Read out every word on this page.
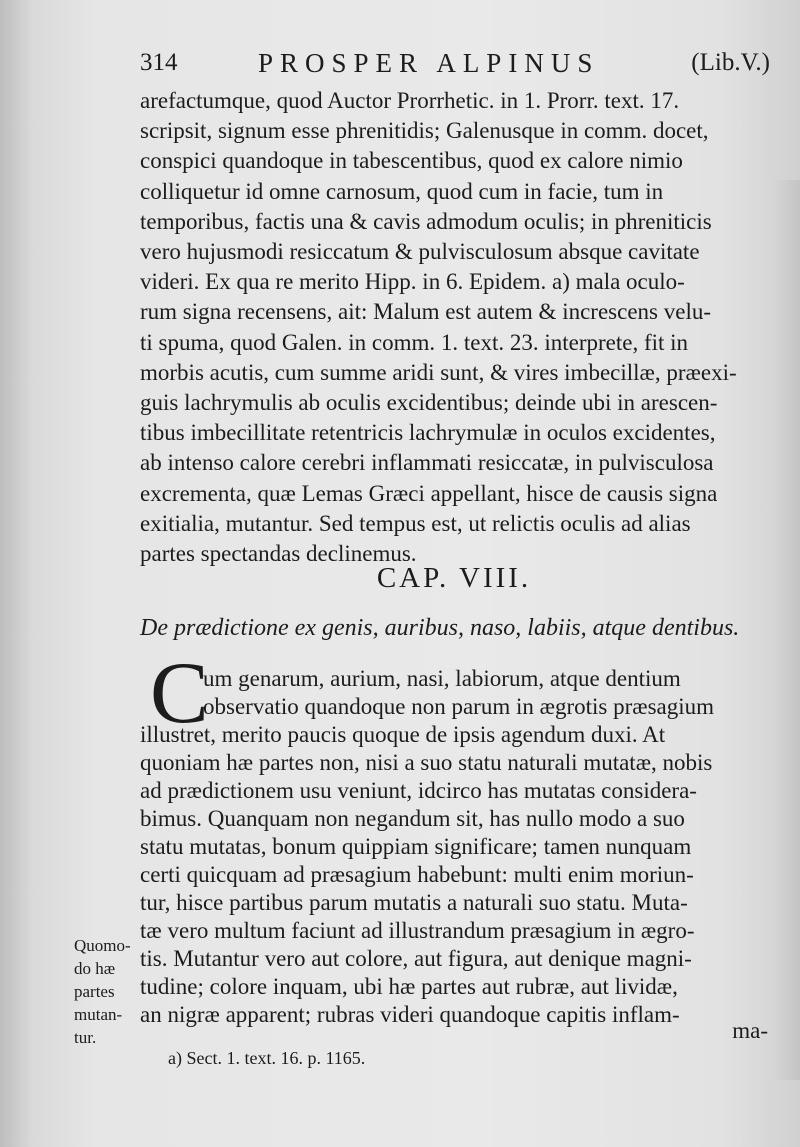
314	PROSPER ALPINUS	(Lib.V.)
arefactumque, quod Auctor Prorrhetic. in 1. Prorr. text. 17.
scripsit, signum esse phrenitidis; Galenusque in comm. docet,
conspici quandoque in tabescentibus, quod ex calore nimio
colliquetur id omne carnosum, quod cum in facie, tum in
temporibus, factis una & cavis admodum oculis; in phreniticis
vero hujusmodi resiccatum & pulvisculosum absque cavitate
videri. Ex qua re merito Hipp. in 6. Epidem. a) mala oculo-
rum signa recensens, ait: Malum est autem & increscens velu-
ti spuma, quod Galen. in comm. 1. text. 23. interprete, fit in
morbis acutis, cum summe aridi sunt, & vires imbecillæ, præexi-
guis lachrymulis ab oculis excidentibus; deinde ubi in arescen-
tibus imbecillitate retentricis lachrymulæ in oculos excidentes,
ab intenso calore cerebri inflammati resiccatæ, in pulvisculosa
excrementa, quæ Lemas Græci appellant, hisce de causis signa
exitialia, mutantur. Sed tempus est, ut relictis oculis ad alias
partes spectandas declinemus.
CAP. VIII.
De prædictione ex genis, auribus, naso, labiis, atque dentibus.
C
um genarum, aurium, nasi, labiorum, atque dentium
observatio quandoque non parum in ægrotis præsagium
illustret, merito paucis quoque de ipsis agendum duxi. At
quoniam hæ partes non, nisi a suo statu naturali mutatæ, nobis
ad prædictionem usu veniunt, idcirco has mutatas considera-
bimus. Quanquam non negandum sit, has nullo modo a suo
statu mutatas, bonum quippiam significare; tamen nunquam
certi quicquam ad præsagium habebunt: multi enim moriun-
tur, hisce partibus parum mutatis a naturali suo statu. Muta-
tæ vero multum faciunt ad illustrandum præsagium in ægro-
tis. Mutantur vero aut colore, aut figura, aut denique magni-
tudine; colore inquam, ubi hæ partes aut rubræ, aut lividæ,
an nigræ apparent; rubras videri quandoque capitis inflam-
ma-
Quomo-
do hæ
partes
mutan-
tur.
a) Sect. 1. text. 16. p. 1165.
